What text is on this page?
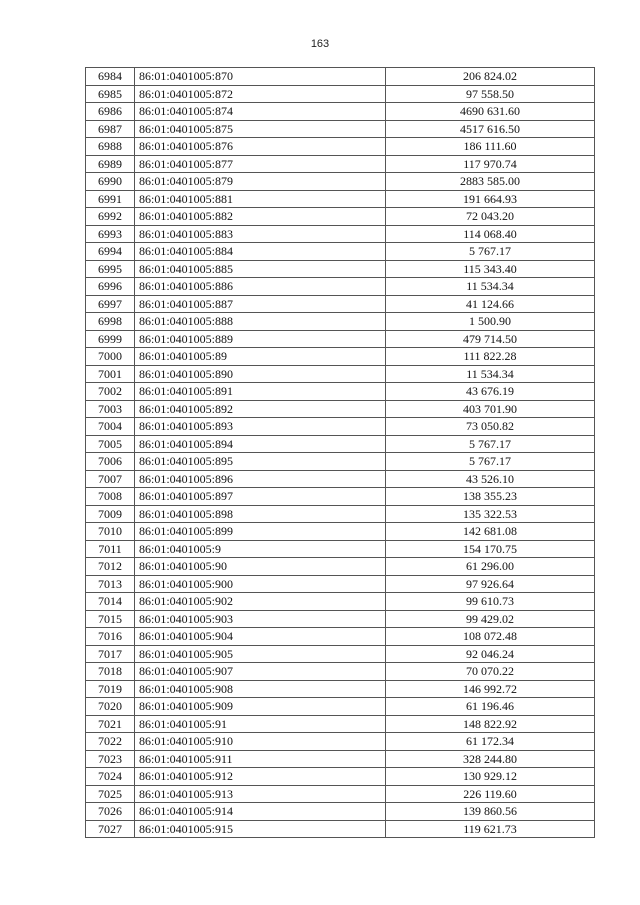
163
6984	86:01:0401005:870	206 824.02
6985	86:01:0401005:872	97 558.50
6986	86:01:0401005:874	4690 631.60
6987	86:01:0401005:875	4517 616.50
6988	86:01:0401005:876	186 111.60
6989	86:01:0401005:877	117 970.74
6990	86:01:0401005:879	2883 585.00
6991	86:01:0401005:881	191 664.93
6992	86:01:0401005:882	72 043.20
6993	86:01:0401005:883	114 068.40
6994	86:01:0401005:884	5 767.17
6995	86:01:0401005:885	115 343.40
6996	86:01:0401005:886	11 534.34
6997	86:01:0401005:887	41 124.66
6998	86:01:0401005:888	1 500.90
6999	86:01:0401005:889	479 714.50
7000	86:01:0401005:89	111 822.28
7001	86:01:0401005:890	11 534.34
7002	86:01:0401005:891	43 676.19
7003	86:01:0401005:892	403 701.90
7004	86:01:0401005:893	73 050.82
7005	86:01:0401005:894	5 767.17
7006	86:01:0401005:895	5 767.17
7007	86:01:0401005:896	43 526.10
7008	86:01:0401005:897	138 355.23
7009	86:01:0401005:898	135 322.53
7010	86:01:0401005:899	142 681.08
7011	86:01:0401005:9	154 170.75
7012	86:01:0401005:90	61 296.00
7013	86:01:0401005:900	97 926.64
7014	86:01:0401005:902	99 610.73
7015	86:01:0401005:903	99 429.02
7016	86:01:0401005:904	108 072.48
7017	86:01:0401005:905	92 046.24
7018	86:01:0401005:907	70 070.22
7019	86:01:0401005:908	146 992.72
7020	86:01:0401005:909	61 196.46
7021	86:01:0401005:91	148 822.92
7022	86:01:0401005:910	61 172.34
7023	86:01:0401005:911	328 244.80
7024	86:01:0401005:912	130 929.12
7025	86:01:0401005:913	226 119.60
7026	86:01:0401005:914	139 860.56
7027	86:01:0401005:915	119 621.73
